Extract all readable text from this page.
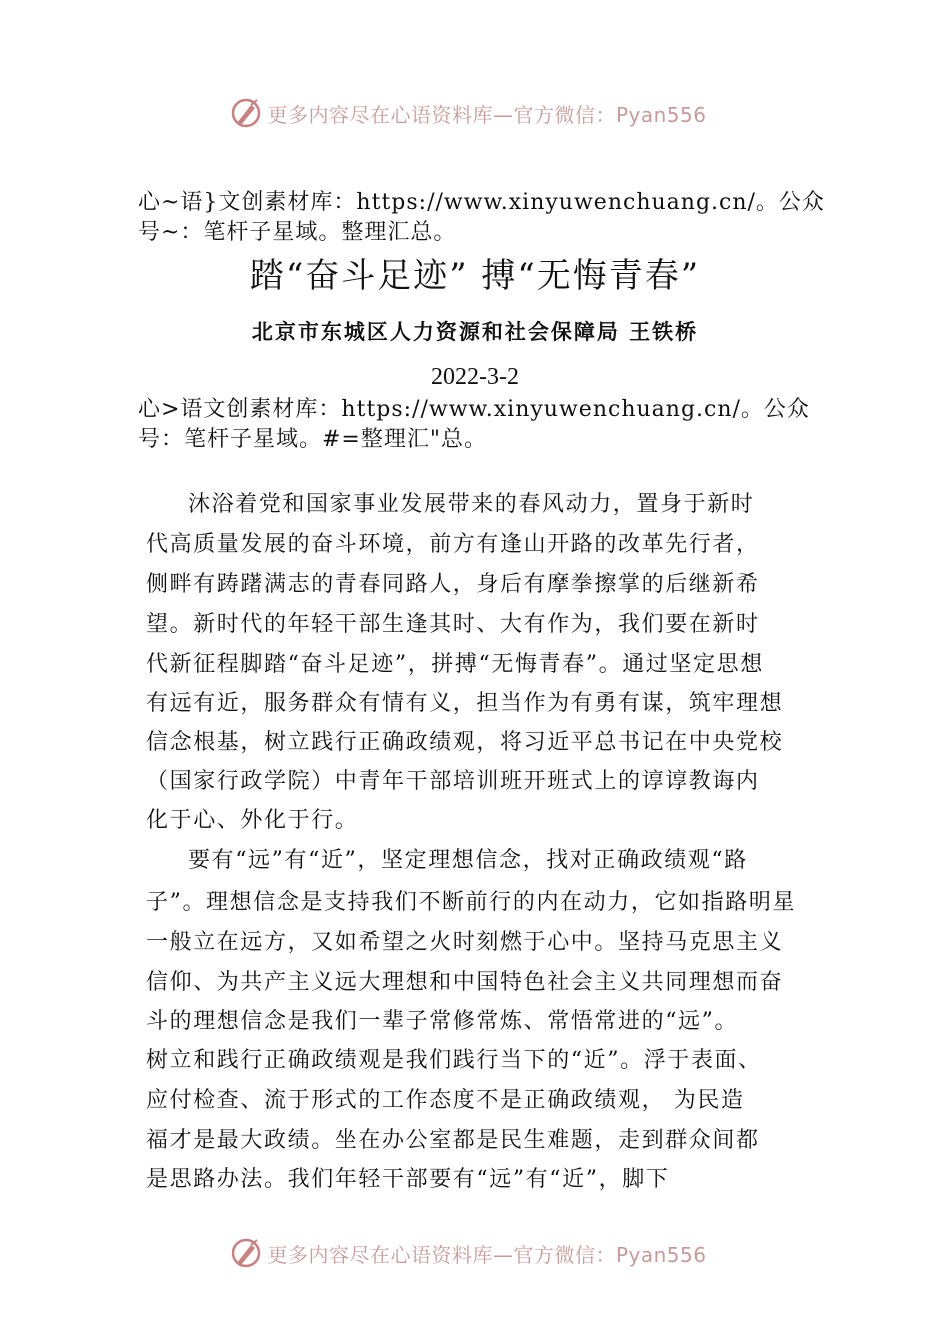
更多内容尽在心语资料库—官方微信：Pyan556
心~语}文创素材库：https://www.xinyuwenchuang.cn/。公众
号~：笔杆子星域。整理汇总。
踏“奋斗足迹” 搏“无悔青春”
北京市东城区人力资源和社会保障局 王铁桥
2022-3-2
心>语文创素材库：https://www.xinyuwenchuang.cn/。公众
号：笔杆子星域。#=整理汇"总。
沐浴着党和国家事业发展带来的春风动力，置身于新时
代高质量发展的奋斗环境，前方有逢山开路的改革先行者，
侧畔有踌躇满志的青春同路人，身后有摩拳擦掌的后继新希
望。新时代的年轻干部生逢其时、大有作为，我们要在新时
代新征程脚踏“奋斗足迹”，拼搏“无悔青春”。通过坚定思想
有远有近，服务群众有情有义，担当作为有勇有谋，筑牢理想
信念根基，树立践行正确政绩观，将习近平总书记在中央党校
（国家行政学院）中青年干部培训班开班式上的谆谆教诲内
化于心、外化于行。
要有“远”有“近”，坚定理想信念，找对正确政绩观“路
子”。理想信念是支持我们不断前行的内在动力，它如指路明星
一般立在远方，又如希望之火时刻燃于心中。坚持马克思主义
信仰、为共产主义远大理想和中国特色社会主义共同理想而奋
斗的理想信念是我们一辈子常修常炼、常悟常进的“远”。
树立和践行正确政绩观是我们践行当下的“近”。浮于表面、
应付检查、流于形式的工作态度不是正确政绩观， 为民造
福才是最大政绩。坐在办公室都是民生难题，走到群众间都
是思路办法。我们年轻干部要有“远”有“近”，脚下
更多内容尽在心语资料库—官方微信：Pyan556
